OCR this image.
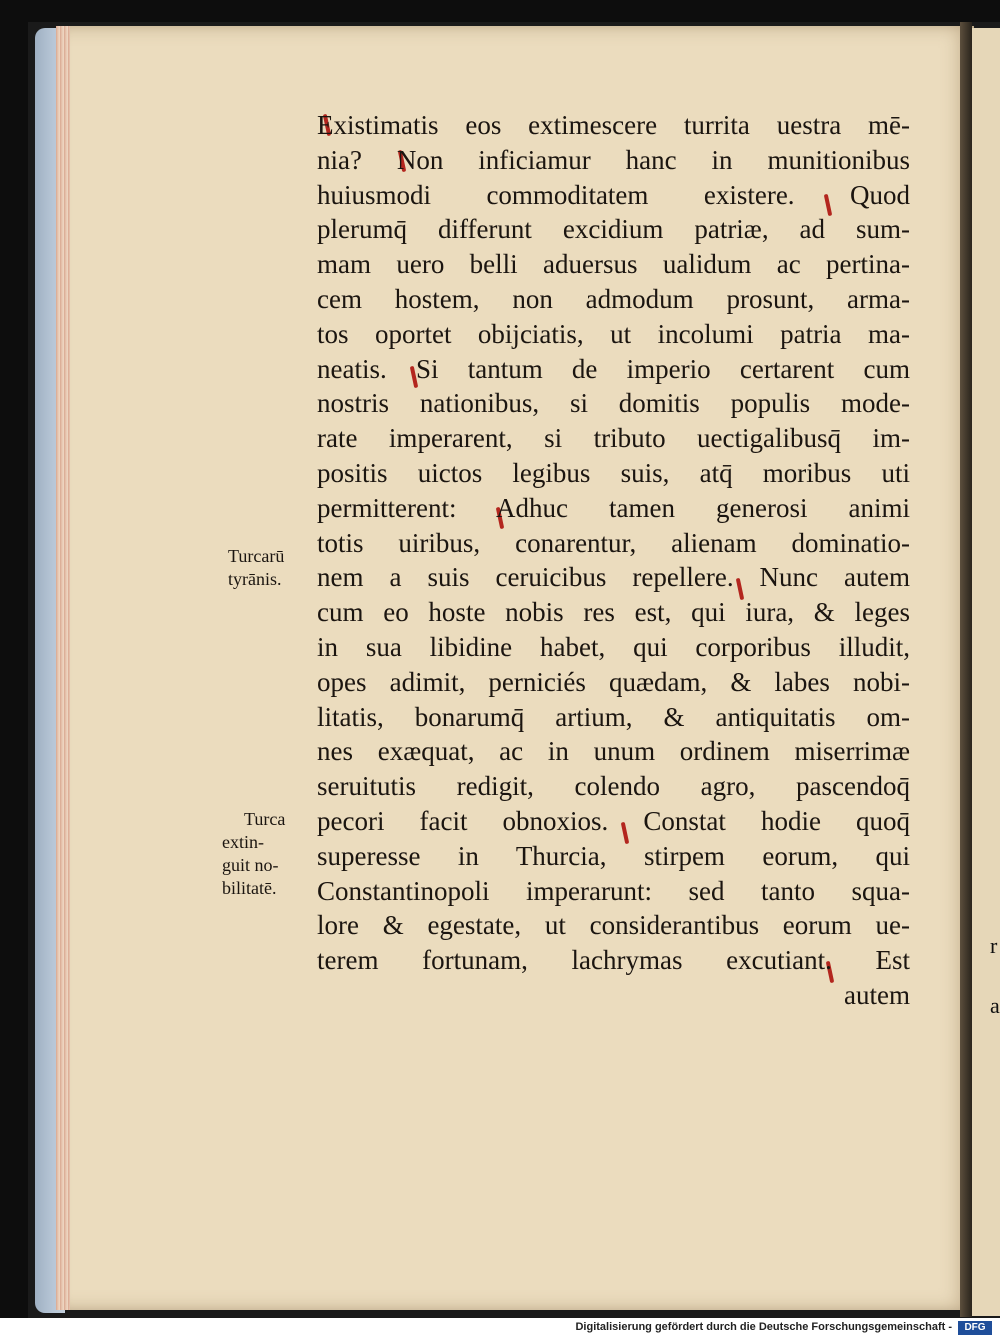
r
a
Existimatis eos extimescere turrita uestra mē-
nia? Non inficiamur hanc in munitionibus
huiusmodi commoditatem existere. Quod
plerumq̄ differunt excidium patriæ, ad sum-
mam uero belli aduersus ualidum ac pertina-
cem hostem, non admodum prosunt, arma-
tos oportet obijciatis, ut incolumi patria ma-
neatis. Si tantum de imperio certarent cum
nostris nationibus, si domitis populis mode-
rate imperarent, si tributo uectigalibusq̄ im-
positis uictos legibus suis, atq̄ moribus uti
permitterent: Adhuc tamen generosi animi
totis uiribus, conarentur, alienam dominatio-
nem a suis ceruicibus repellere. Nunc autem
cum eo hoste nobis res est, qui iura, & leges
in sua libidine habet, qui corporibus illudit,
opes adimit, perniciés quædam, & labes nobi-
litatis, bonarumq̄ artium, & antiquitatis om-
nes exæquat, ac in unum ordinem miserrimæ
seruitutis redigit, colendo agro, pascendoq̄
pecori facit obnoxios. Constat hodie quoq̄
superesse in Thurcia, stirpem eorum, qui
Constantinopoli imperarunt: sed tanto squa-
lore & egestate, ut considerantibus eorum ue-
terem fortunam, lachrymas excutiant. Est
autem
Turcarū
tyrānis.
Turca
extin-
guit no-
bilitatē.
Digitalisierung gefördert durch die Deutsche Forschungsgemeinschaft -	DFG
